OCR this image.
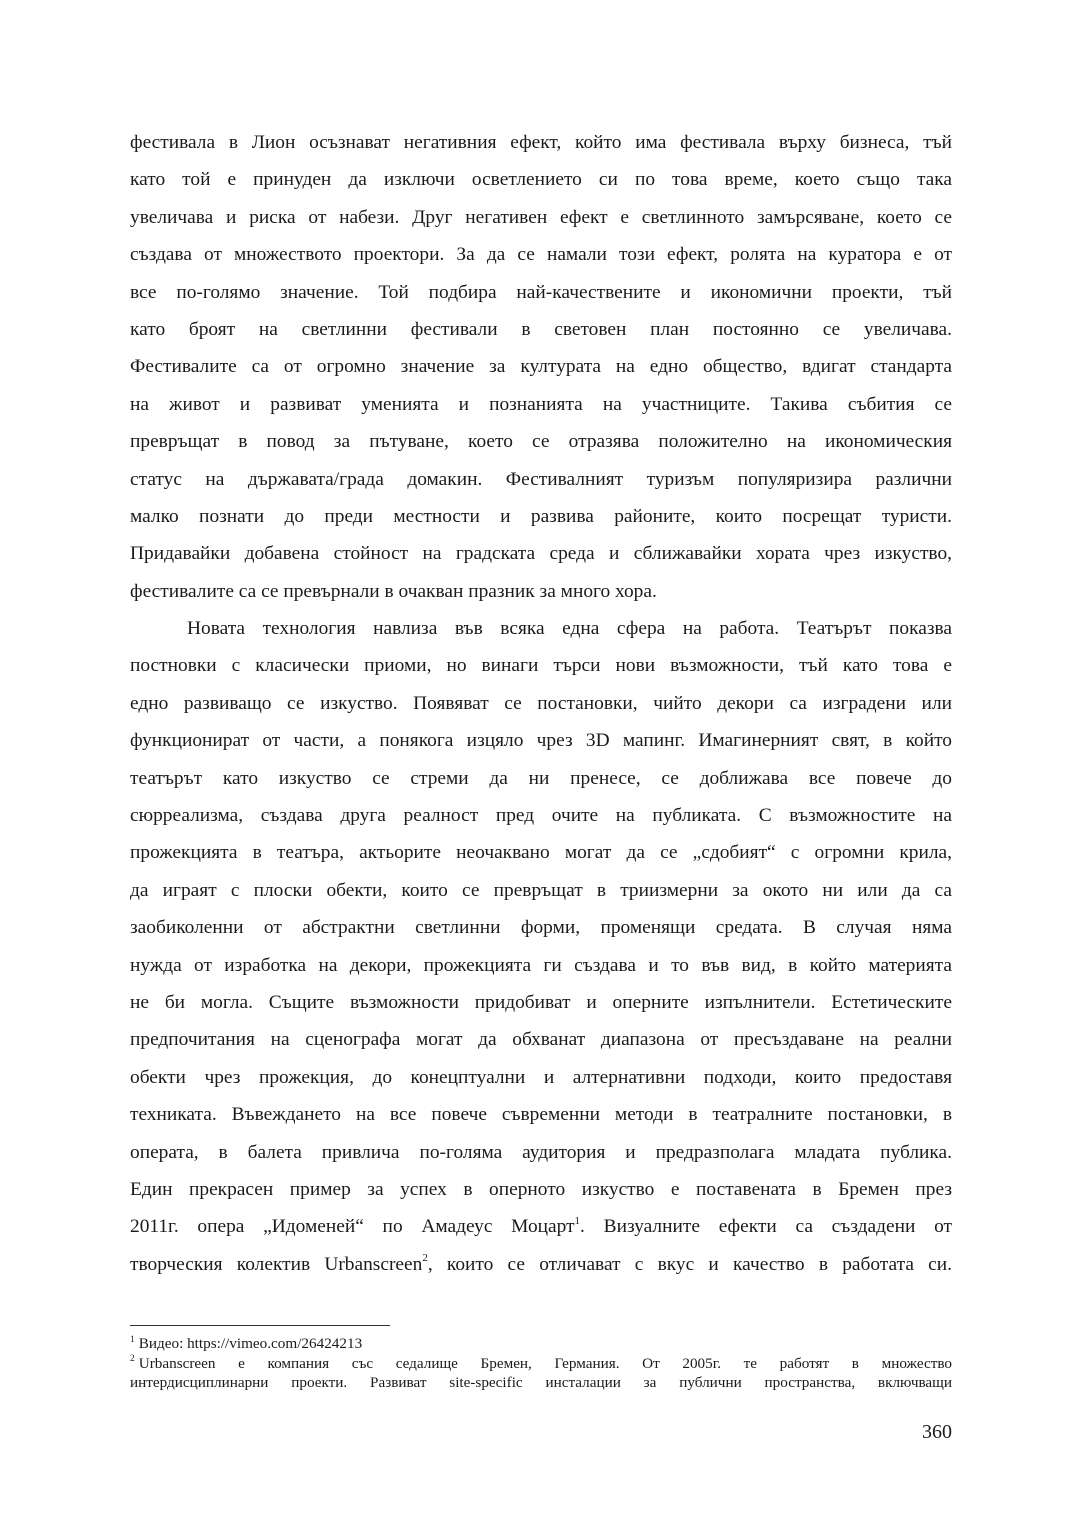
фестивала в Лион осъзнават негативния ефект, който има фестивала върху бизнеса, тъй
като той е принуден да изключи осветлението си по това време, което също така
увеличава и риска от набези. Друг негативен ефект е светлинното замърсяване, което се
създава от множеството проектори. За да се намали този ефект, ролята на куратора е от
все по-голямо значение. Той подбира най-качествените и икономични проекти, тъй
като броят на светлинни фестивали в световен план постоянно се увеличава.
Фестивалите са от огромно значение за културата на едно общество, вдигат стандарта
на живот и развиват уменията и познанията на участниците. Такива събития се
превръщат в повод за пътуване, което се отразява положително на икономическия
статус на държавата/града домакин. Фестивалният туризъм популяризира различни
малко познати до преди местности и развива районите, които посрещат туристи.
Придавайки добавена стойност на градската среда и сближавайки хората чрез изкуство,
фестивалите са се превърнали в очакван празник за много хора.
Новата технология навлиза във всяка една сфера на работа. Театърът показва
постновки с класически приоми, но винаги търси нови възможности, тъй като това е
едно развиващо се изкуство. Появяват се постановки, чийто декори са изградени или
функционират от части, а понякога изцяло чрез 3D мапинг. Имагинерният свят, в който
театърът като изкуство се стреми да ни пренесе, се доближава все повече до
сюрреализма, създава друга реалност пред очите на публиката. С възможностите на
прожекцията в театъра, актьорите неочаквано могат да се „сдобият“ с огромни крила,
да играят с плоски обекти, които се превръщат в триизмерни за окото ни или да са
заобиколенни от абстрактни светлинни форми, променящи средата. В случая няма
нужда от изработка на декори, прожекцията ги създава и то във вид, в който материята
не би могла. Същите възможности придобиват и оперните изпълнители. Естетическите
предпочитания на сценографа могат да обхванат диапазона от пресъздаване на реални
обекти чрез прожекция, до конецптуални и алтернативни подходи, които предоставя
техниката. Въвеждането на все повече съвременни методи в театралните постановки, в
операта, в балета привлича по-голяма аудитория и предразполага младата публика.
Един прекрасен пример за успех в оперното изкуство е поставената в Бремен през
2011г. опера „Идоменей“ по Амадеус Моцарт$^1$. Визуалните ефекти са създадени от
творческия колектив Urbanscreen$^2$, които се отличават с вкус и качество в работата си.
$^1$ Видео: https://vimeo.com/26424213
$^2$ Urbanscreen е компания със седалище Бремен, Германия. От 2005г. те работят в множество
интердисциплинарни проекти. Развиват site-specific инсталации за публични пространства, включващи
360
